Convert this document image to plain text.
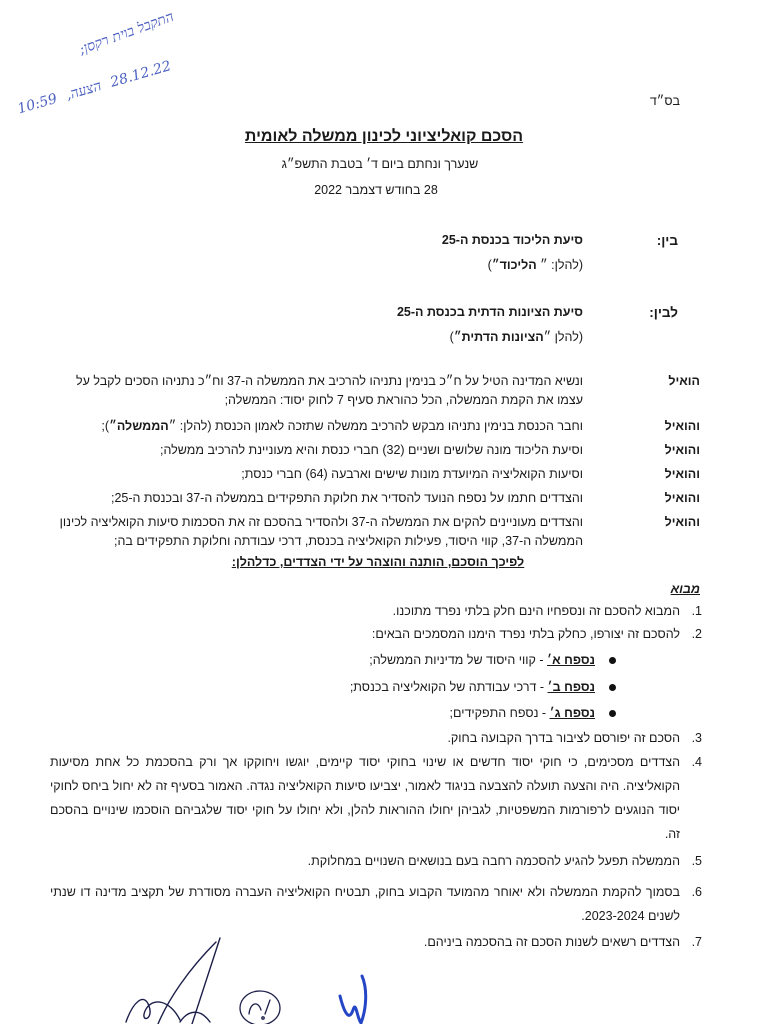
התקבל בוית רקסן;
10:59 ,הצעה 28.12.22
בס״ד
הסכם קואליציוני לכינון ממשלה לאומית
שנערך ונחתם ביום ד׳ בטבת התשפ״ג
28 בחודש דצמבר 2022
בין:
סיעת הליכוד בכנסת ה-25
(להלן: ״ הליכוד״)
לבין:
סיעת הציונות הדתית בכנסת ה-25
(להלן ״הציונות הדתית״)
הואיל
ונשיא המדינה הטיל על ח״כ בנימין נתניהו להרכיב את הממשלה ה-37 וח״כ נתניהו הסכים לקבל על עצמו את הקמת הממשלה, הכל כהוראת סעיף 7 לחוק יסוד: הממשלה;
והואיל
וחבר הכנסת בנימין נתניהו מבקש להרכיב ממשלה שתזכה לאמון הכנסת (להלן: ״הממשלה״);
והואיל
וסיעת הליכוד מונה שלושים ושניים (32) חברי כנסת והיא מעוניינת להרכיב ממשלה;
והואיל
וסיעות הקואליציה המיועדת מונות שישים וארבעה (64) חברי כנסת;
והואיל
והצדדים חתמו על נספח הנועד להסדיר את חלוקת התפקידים בממשלה ה-37 ובכנסת ה-25;
והואיל
והצדדים מעוניינים להקים את הממשלה ה-37 ולהסדיר בהסכם זה את הסכמות סיעות הקואליציה לכינון הממשלה ה-37, קווי היסוד, פעילות הקואליציה בכנסת, דרכי עבודתה וחלוקת התפקידים בה;
לפיכך הוסכם, הותנה והוצהר על ידי הצדדים, כדלהלן:
מבוא
1.
המבוא להסכם זה ונספחיו הינם חלק בלתי נפרד מתוכנו.
2.
להסכם זה יצורפו, כחלק בלתי נפרד הימנו המסמכים הבאים:
נספח א׳ - קווי היסוד של מדיניות הממשלה;
נספח ב׳ - דרכי עבודתה של הקואליציה בכנסת;
נספח ג׳ - נספח התפקידים;
3.
הסכם זה יפורסם לציבור בדרך הקבועה בחוק.
4.
הצדדים מסכימים, כי חוקי יסוד חדשים או שינוי בחוקי יסוד קיימים, יוגשו ויחוקקו אך ורק בהסכמת כל אחת מסיעות הקואליציה. היה והצעה תועלה להצבעה בניגוד לאמור, יצביעו סיעות הקואליציה נגדה. האמור בסעיף זה לא יחול ביחס לחוקי יסוד הנוגעים לרפורמות המשפטיות, לגביהן יחולו ההוראות להלן, ולא יחולו על חוקי יסוד שלגביהם הוסכמו שינויים בהסכם זה.
5.
הממשלה תפעל להגיע להסכמה רחבה בעם בנושאים השנויים במחלוקת.
6.
בסמוך להקמת הממשלה ולא יאוחר מהמועד הקבוע בחוק, תבטיח הקואליציה העברה מסודרת של תקציב מדינה דו שנתי לשנים 2023-2024.
7.
הצדדים רשאים לשנות הסכם זה בהסכמה ביניהם.
